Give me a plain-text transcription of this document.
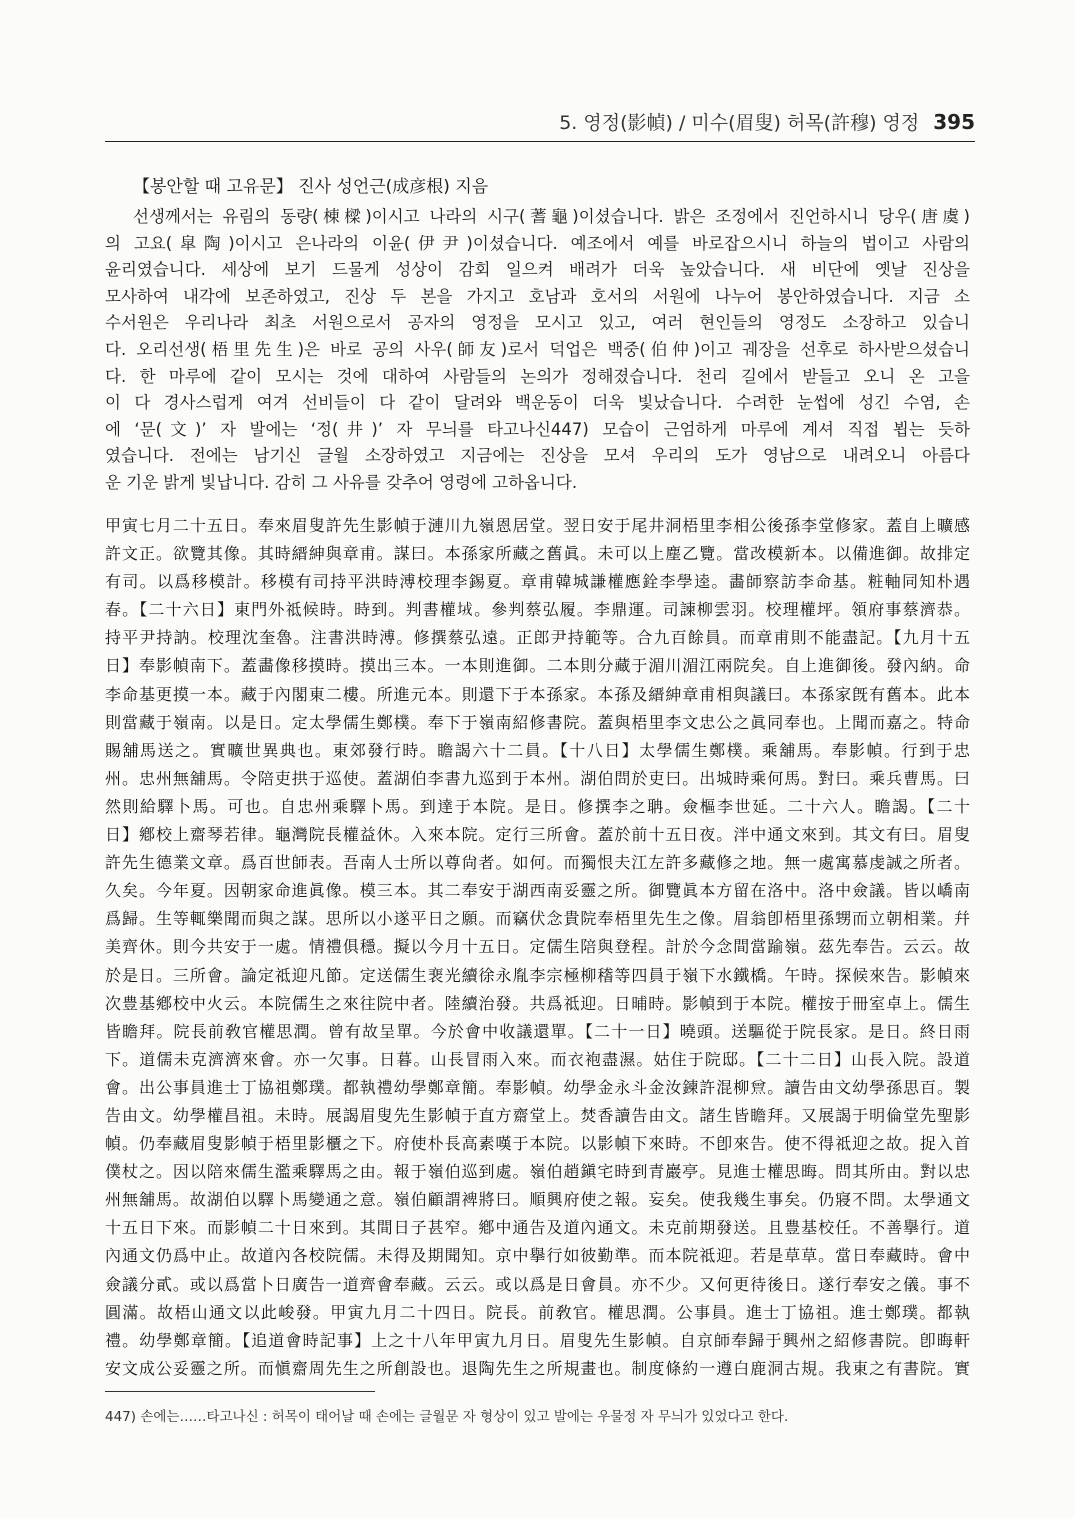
5. 영정(影幀) / 미수(眉叟) 허목(許穆) 영정 395
【봉안할 때 고유문】 진사 성언근(成彦根) 지음
선생께서는 유림의 동량(棟樑)이시고 나라의 시구(蓍龜)이셨습니다. 밝은 조정에서 진언하시니 당우(唐虞)
의 고요(皐陶)이시고 은나라의 이윤(伊尹)이셨습니다. 예조에서 예를 바로잡으시니 하늘의 법이고 사람의
윤리였습니다. 세상에 보기 드물게 성상이 감회 일으켜 배려가 더욱 높았습니다. 새 비단에 옛날 진상을
모사하여 내각에 보존하였고, 진상 두 본을 가지고 호남과 호서의 서원에 나누어 봉안하였습니다. 지금 소
수서원은 우리나라 최초 서원으로서 공자의 영정을 모시고 있고, 여러 현인들의 영정도 소장하고 있습니
다. 오리선생(梧里先生)은 바로 공의 사우(師友)로서 덕업은 백중(伯仲)이고 궤장을 선후로 하사받으셨습니
다. 한 마루에 같이 모시는 것에 대하여 사람들의 논의가 정해졌습니다. 천리 길에서 받들고 오니 온 고을
이 다 경사스럽게 여겨 선비들이 다 같이 달려와 백운동이 더욱 빛났습니다. 수려한 눈썹에 성긴 수염, 손
에 ‘문(文)’ 자 발에는 ‘정(井)’ 자 무늬를 타고나신447) 모습이 근엄하게 마루에 계셔 직접 뵙는 듯하
였습니다. 전에는 남기신 글월 소장하였고 지금에는 진상을 모셔 우리의 도가 영남으로 내려오니 아름다
운 기운 밝게 빛납니다. 감히 그 사유를 갖추어 영령에 고하옵니다.
甲寅七月二十五日。奉來眉叟許先生影幀于漣川九嶺恩居堂。翌日安于尾井洞梧里李相公後孫李堂修家。蓋自上曠感
許文正。欲覽其像。其時縉紳與章甫。謀曰。本孫家所藏之舊眞。未可以上塵乙覽。當改模新本。以備進御。故排定
有司。以爲移模計。移模有司持平洪時溥校理李錫夏。章甫韓城謙權應銓李學逵。畵師察訪李命基。粧軸同知朴遇
春。【二十六日】東門外祗候時。時到。判書權𡊸。參判蔡弘履。李鼎運。司諫柳雲羽。校理權坪。領府事蔡濟恭。
持平尹持訥。校理沈奎魯。注書洪時溥。修撰蔡弘遠。正郎尹持範等。合九百餘員。而章甫則不能盡記。【九月十五
日】奉影幀南下。蓋畵像移摸時。摸出三本。一本則進御。二本則分藏于湄川湄江兩院矣。自上進御後。發內納。命
李命基更摸一本。藏于內閣東二樓。所進元本。則還下于本孫家。本孫及縉紳章甫相與議曰。本孫家旣有舊本。此本
則當藏于嶺南。以是日。定太學儒生鄭樸。奉下于嶺南紹修書院。蓋與梧里李文忠公之眞同奉也。上聞而嘉之。特命
賜舖馬送之。實曠世異典也。東郊發行時。瞻謁六十二員。【十八日】太學儒生鄭樸。乘舖馬。奉影幀。行到于忠
州。忠州無舖馬。令陪吏拱于巡使。蓋湖伯李書九巡到于本州。湖伯問於吏曰。出城時乘何馬。對曰。乘兵曹馬。曰
然則給驛卜馬。可也。自忠州乘驛卜馬。到達于本院。是日。修撰李之聃。僉樞李世延。二十六人。瞻謁。【二十
日】鄕校上齋琴若律。龜灣院長權益休。入來本院。定行三所會。蓋於前十五日夜。泮中通文來到。其文有曰。眉叟
許先生德業文章。爲百世師表。吾南人士所以尊尙者。如何。而獨恨夫江左許多藏修之地。無一處寓慕虔誠之所者。
久矣。今年夏。因朝家命進眞像。模三本。其二奉安于湖西南妥靈之所。御覽眞本方留在洛中。洛中僉議。皆以嶠南
爲歸。生等輒樂聞而與之謀。思所以小遂平日之願。而竊伏念貴院奉梧里先生之像。眉翁卽梧里孫甥而立朝相業。幷
美齊休。則今共安于一處。情禮俱穩。擬以今月十五日。定儒生陪與登程。計於今念間當踰嶺。茲先奉告。云云。故
於是日。三所會。論定祗迎凡節。定送儒生裵光續徐永胤李宗極柳𥡴等四員于嶺下水鐵橋。午時。探候來告。影幀來
次豊基鄕校中火云。本院儒生之來往院中者。陸續治發。共爲祗迎。日晡時。影幀到于本院。權按于冊室卓上。儒生
皆瞻拜。院長前敎官權思潤。曾有故呈單。今於會中收議還單。【二十一日】曉頭。送驅從于院長家。是日。終日雨
下。道儒未克濟濟來會。亦一欠事。日暮。山長冒雨入來。而衣袍盡濕。姑住于院邸。【二十二日】山長入院。設道
會。出公事員進士丁協祖鄭璞。都執禮幼學鄭章簡。奉影幀。幼學金永斗金汝鍊許混柳𤎰。讀告由文幼學孫思百。製
告由文。幼學權昌祖。未時。展謁眉叟先生影幀于直方齋堂上。焚香讀告由文。諸生皆瞻拜。又展謁于明倫堂先聖影
幀。仍奉藏眉叟影幀于梧里影櫃之下。府使朴長高素嘆于本院。以影幀下來時。不卽來告。使不得祗迎之故。捉入首
僕杖之。因以陪來儒生濫乘驛馬之由。報于嶺伯巡到處。嶺伯趙鎭宅時到青巖亭。見進士權思晦。問其所由。對以忠
州無舖馬。故湖伯以驛卜馬變通之意。嶺伯顧謂裨將曰。順興府使之報。妄矣。使我幾生事矣。仍寢不問。太學通文
十五日下來。而影幀二十日來到。其間日子甚窄。鄕中通告及道內通文。未克前期發送。且豊基校任。不善擧行。道
內通文仍爲中止。故道內各校院儒。未得及期聞知。京中擧行如彼勤準。而本院祗迎。若是草草。當日奉藏時。會中
僉議分貳。或以爲當卜日廣告一道齊會奉藏。云云。或以爲是日會員。亦不少。又何更待後日。遂行奉安之儀。事不
圓滿。故梧山通文以此峻發。甲寅九月二十四日。院長。前敎官。權思潤。公事員。進士丁協祖。進士鄭璞。都執
禮。幼學鄭章簡。【追道會時記事】上之十八年甲寅九月日。眉叟先生影幀。自京師奉歸于興州之紹修書院。卽晦軒
安文成公妥靈之所。而愼齋周先生之所創設也。退陶先生之所規畫也。制度條約一遵白鹿洞古規。我東之有書院。實
447) 손에는……타고나신 : 허목이 태어날 때 손에는 글월문 자 형상이 있고 발에는 우물정 자 무늬가 있었다고 한다.
